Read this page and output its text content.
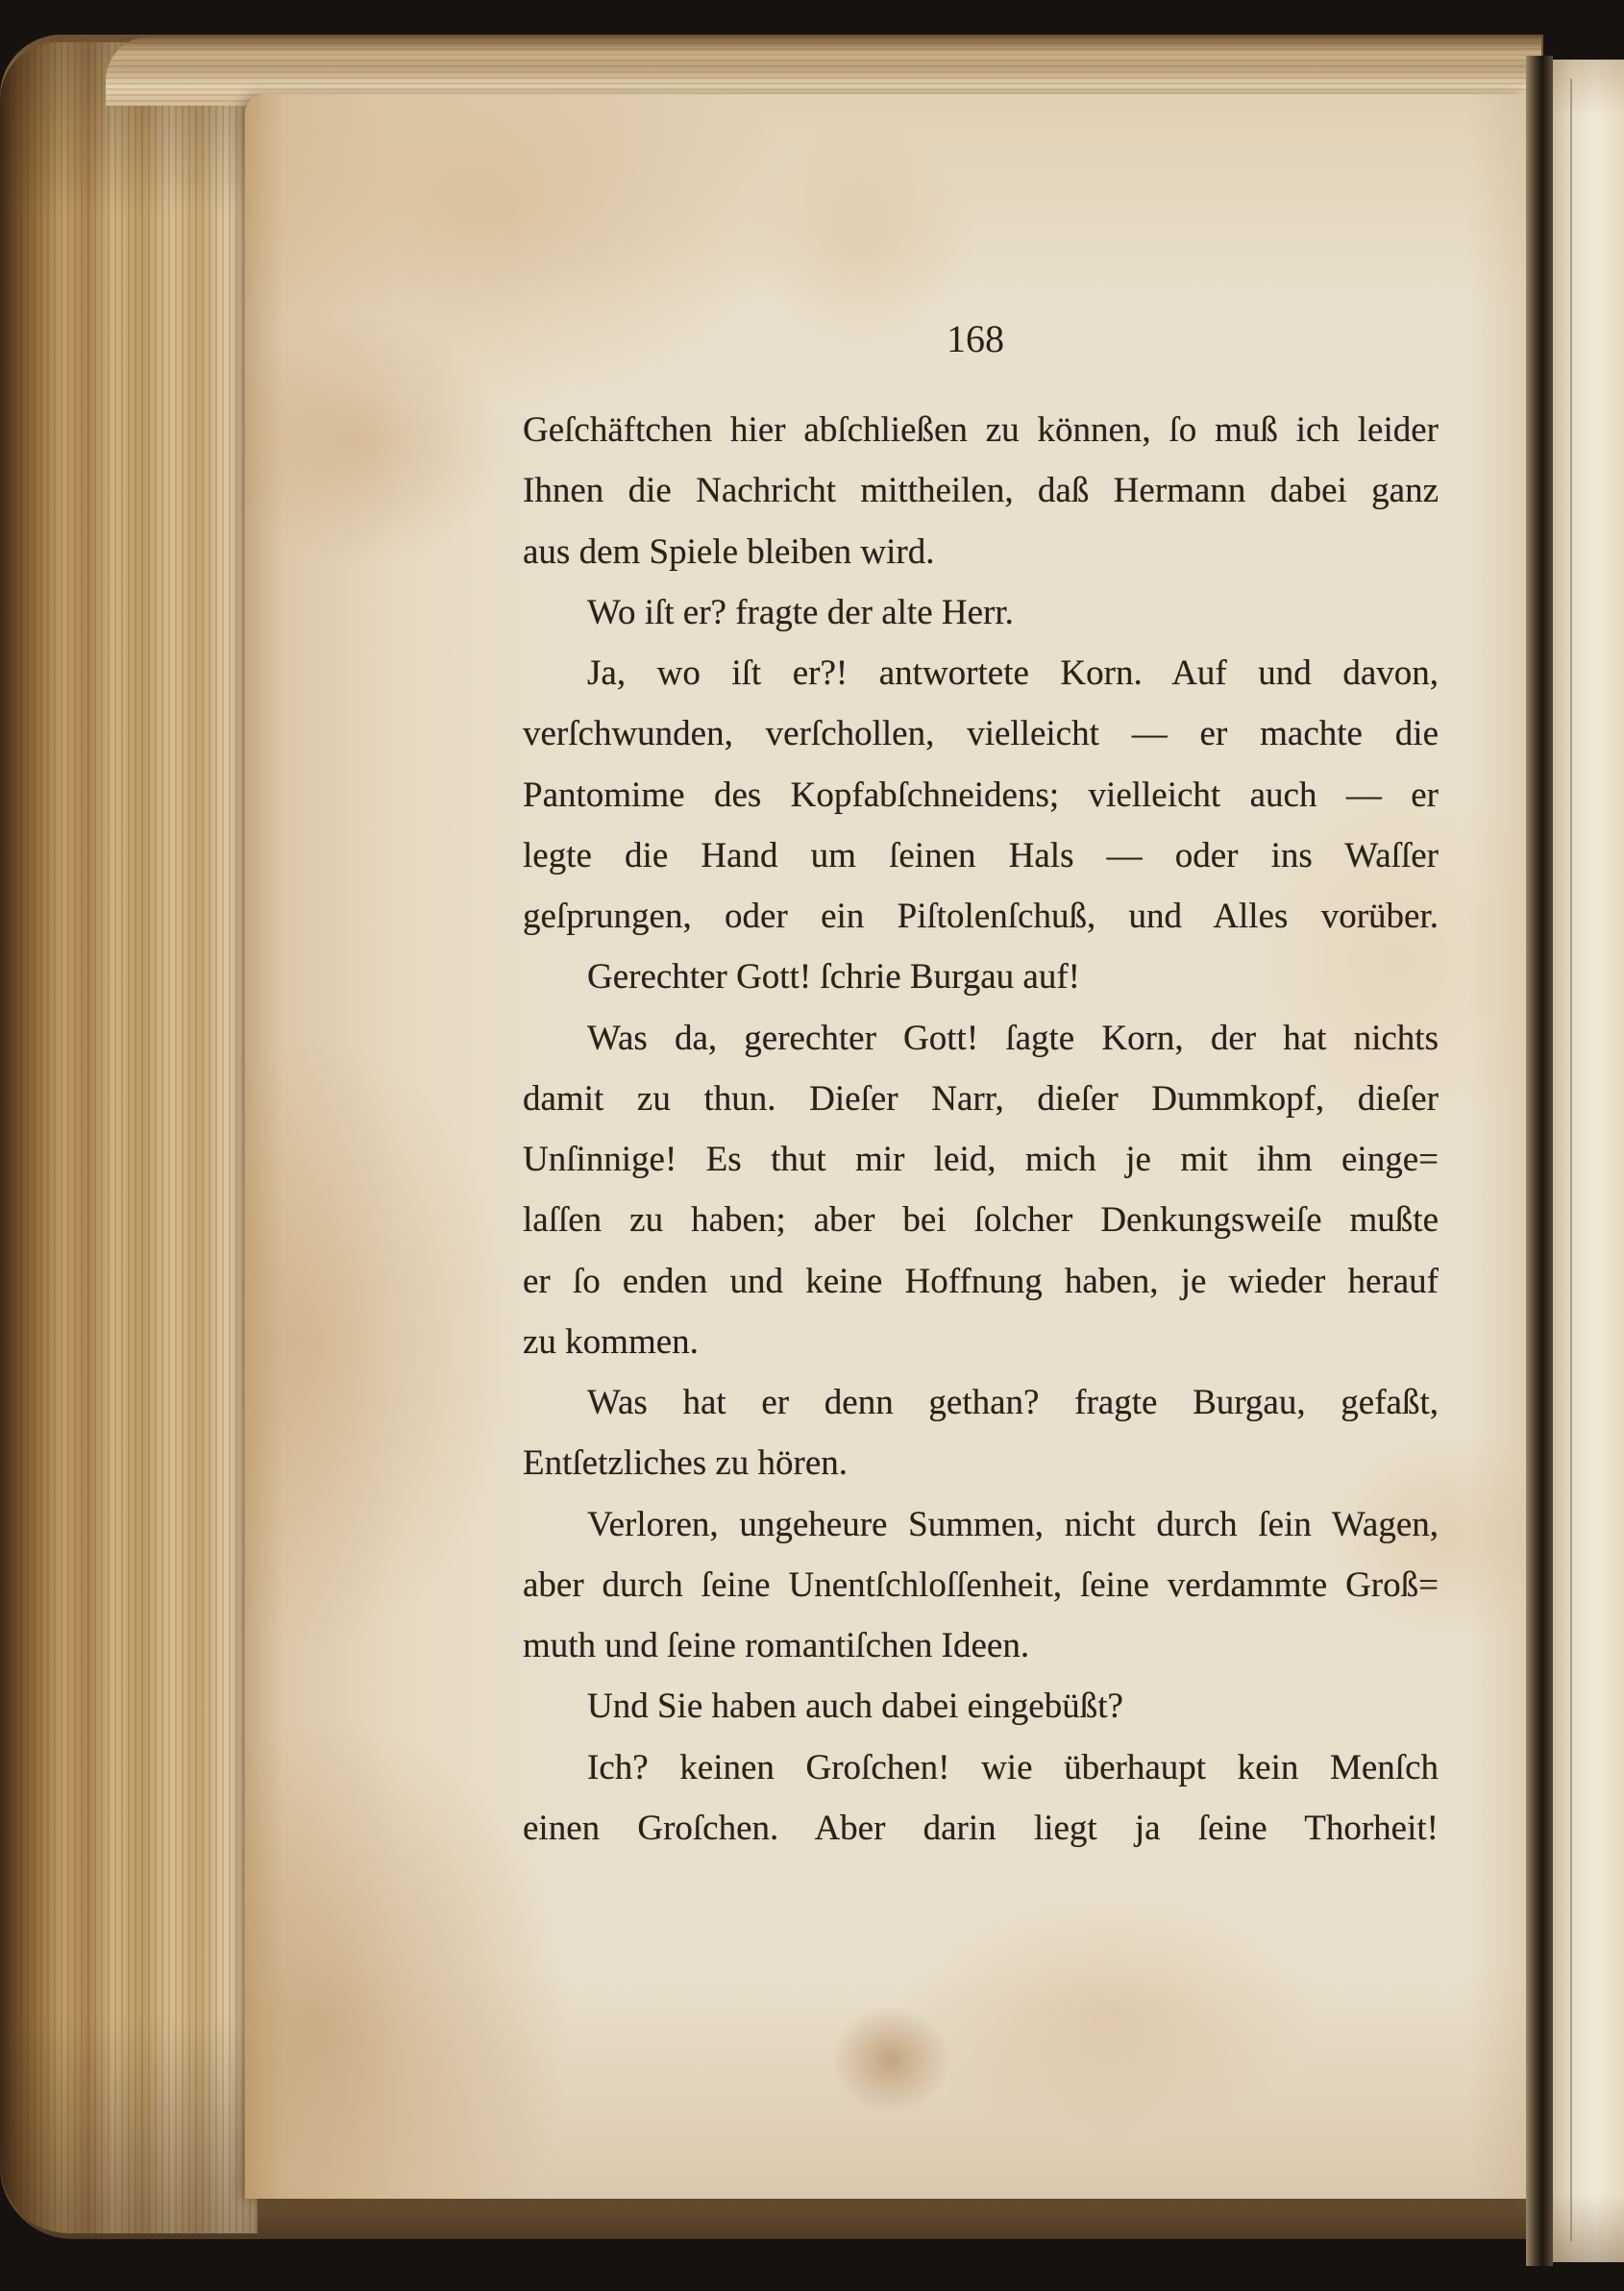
168
Geſchäftchen hier abſchließen zu können, ſo muß ich leider
Ihnen die Nachricht mittheilen, daß Hermann dabei ganz
aus dem Spiele bleiben wird.
Wo iſt er? fragte der alte Herr.
Ja, wo iſt er?! antwortete Korn. Auf und davon,
verſchwunden, verſchollen, vielleicht — er machte die
Pantomime des Kopfabſchneidens; vielleicht auch — er
legte die Hand um ſeinen Hals — oder ins Waſſer
geſprungen, oder ein Piſtolenſchuß, und Alles vorüber.
Gerechter Gott! ſchrie Burgau auf!
Was da, gerechter Gott! ſagte Korn, der hat nichts
damit zu thun. Dieſer Narr, dieſer Dummkopf, dieſer
Unſinnige! Es thut mir leid, mich je mit ihm einge=
laſſen zu haben; aber bei ſolcher Denkungsweiſe mußte
er ſo enden und keine Hoffnung haben, je wieder herauf
zu kommen.
Was hat er denn gethan? fragte Burgau, gefaßt,
Entſetzliches zu hören.
Verloren, ungeheure Summen, nicht durch ſein Wagen,
aber durch ſeine Unentſchloſſenheit, ſeine verdammte Groß=
muth und ſeine romantiſchen Ideen.
Und Sie haben auch dabei eingebüßt?
Ich? keinen Groſchen! wie überhaupt kein Menſch
einen Groſchen. Aber darin liegt ja ſeine Thorheit!
